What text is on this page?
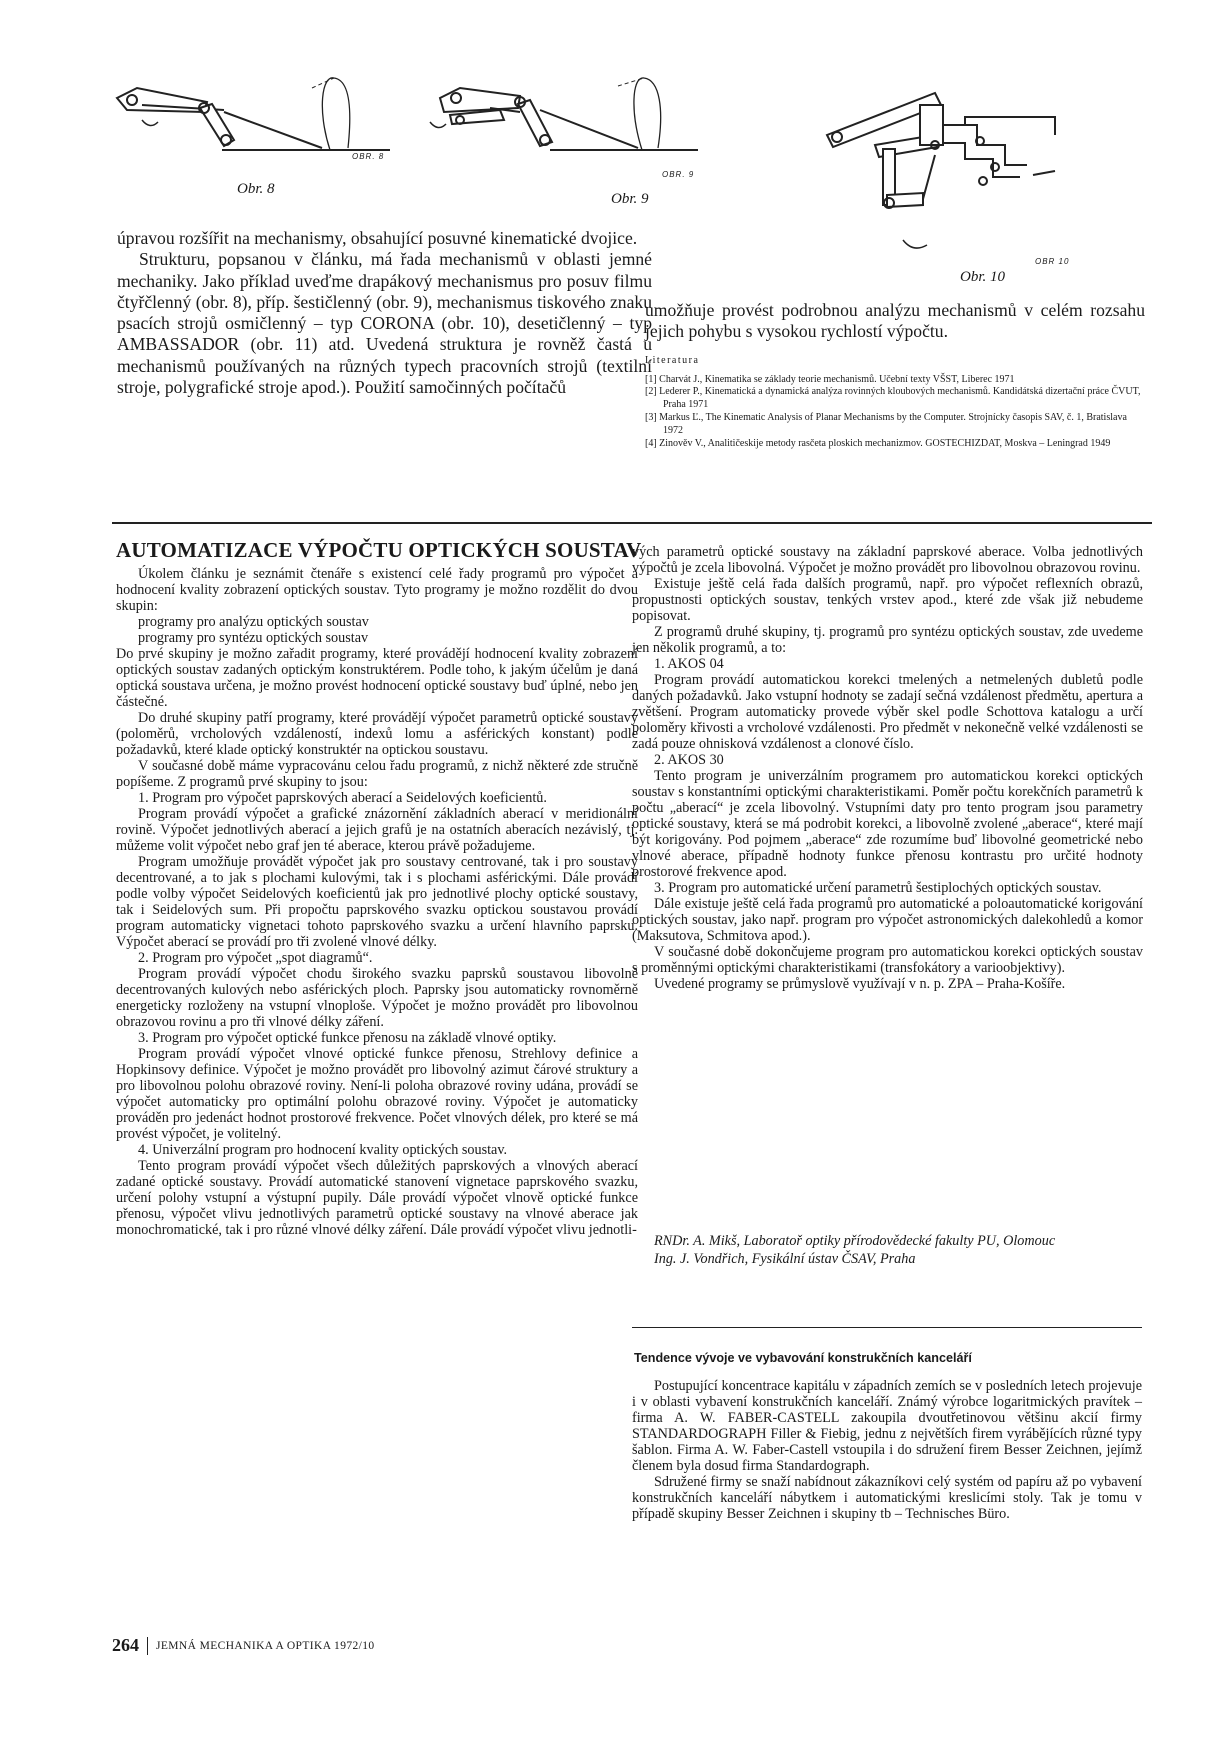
OBR. 8
Obr. 8
OBR. 9
Obr. 9
OBR 10
Obr. 10

úpravou rozšířit na mechanismy, obsahující posuvné kinematické dvojice.

Strukturu, popsanou v článku, má řada mechanismů v oblasti jemné mechaniky. Jako příklad uveďme drapákový mechanismus pro posuv filmu čtyřčlenný (obr. 8), příp. šestičlenný (obr. 9), mechanismus tiskového znaku psacích strojů osmičlenný – typ CORONA (obr. 10), desetičlenný – typ AMBASSADOR (obr. 11) atd. Uvedená struktura je rovněž častá u mechanismů používaných na různých typech pracovních strojů (textilní stroje, polygrafické stroje apod.). Použití samočinných počítačů

umožňuje provést podrobnou analýzu mechanismů v celém rozsahu jejich pohybu s vysokou rychlostí výpočtu.

Literatura

[1] Charvát J., Kinematika se základy teorie mechanismů. Učební texty VŠST, Liberec 1971

[2] Lederer P., Kinematická a dynamická analýza rovinných kloubových mechanismů. Kandidátská dizertační práce ČVUT, Praha 1971

[3] Markus Ľ., The Kinematic Analysis of Planar Mechanisms by the Computer. Strojnícky časopis SAV, č. 1, Bratislava 1972

[4] Zinověv V., Analitičeskije metody rasčeta ploskich mechanizmov. GOSTECHIZDAT, Moskva – Leningrad 1949

AUTOMATIZACE VÝPOČTU OPTICKÝCH SOUSTAV

Úkolem článku je seznámit čtenáře s existencí celé řady programů pro výpočet a hodnocení kvality zobrazení optických soustav. Tyto programy je možno rozdělit do dvou skupin:

programy pro analýzu optických soustav

programy pro syntézu optických soustav

Do prvé skupiny je možno zařadit programy, které provádějí hodnocení kvality zobrazení optických soustav zadaných optickým konstruktérem. Podle toho, k jakým účelům je daná optická soustava určena, je možno provést hodnocení optické soustavy buď úplné, nebo jen částečné.

Do druhé skupiny patří programy, které provádějí výpočet parametrů optické soustavy (poloměrů, vrcholových vzdáleností, indexů lomu a asférických konstant) podle požadavků, které klade optický konstruktér na optickou soustavu.

V současné době máme vypracovánu celou řadu programů, z nichž některé zde stručně popíšeme. Z programů prvé skupiny to jsou:

1. Program pro výpočet paprskových aberací a Seidelových koeficientů.

Program provádí výpočet a grafické znázornění základních aberací v meridionální rovině. Výpočet jednotlivých aberací a jejich grafů je na ostatních aberacích nezávislý, tj. můžeme volit výpočet nebo graf jen té aberace, kterou právě požadujeme.

Program umožňuje provádět výpočet jak pro soustavy centrované, tak i pro soustavy decentrované, a to jak s plochami kulovými, tak i s plochami asférickými. Dále provádí podle volby výpočet Seidelových koeficientů jak pro jednotlivé plochy optické soustavy, tak i Seidelových sum. Při propočtu paprskového svazku optickou soustavou provádí program automaticky vignetaci tohoto paprskového svazku a určení hlavního paprsku. Výpočet aberací se provádí pro tři zvolené vlnové délky.

2. Program pro výpočet „spot diagramů“.

Program provádí výpočet chodu širokého svazku paprsků soustavou libovolně decentrovaných kulových nebo asférických ploch. Paprsky jsou automaticky rovnoměrně energeticky rozloženy na vstupní vlnoploše. Výpočet je možno provádět pro libovolnou obrazovou rovinu a pro tři vlnové délky záření.

3. Program pro výpočet optické funkce přenosu na základě vlnové optiky.

Program provádí výpočet vlnové optické funkce přenosu, Strehlovy definice a Hopkinsovy definice. Výpočet je možno provádět pro libovolný azimut čárové struktury a pro libovolnou polohu obrazové roviny. Není-li poloha obrazové roviny udána, provádí se výpočet automaticky pro optimální polohu obrazové roviny. Výpočet je automaticky prováděn pro jedenáct hodnot prostorové frekvence. Počet vlnových délek, pro které se má provést výpočet, je volitelný.

4. Univerzální program pro hodnocení kvality optických soustav.

Tento program provádí výpočet všech důležitých paprskových a vlnových aberací zadané optické soustavy. Provádí automatické stanovení vignetace paprskového svazku, určení polohy vstupní a výstupní pupily. Dále provádí výpočet vlnově optické funkce přenosu, výpočet vlivu jednotlivých parametrů optické soustavy na vlnové aberace jak monochromatické, tak i pro různé vlnové délky záření. Dále provádí výpočet vlivu jednotli-

vých parametrů optické soustavy na základní paprskové aberace. Volba jednotlivých výpočtů je zcela libovolná. Výpočet je možno provádět pro libovolnou obrazovou rovinu.

Existuje ještě celá řada dalších programů, např. pro výpočet reflexních obrazů, propustnosti optických soustav, tenkých vrstev apod., které zde však již nebudeme popisovat.

Z programů druhé skupiny, tj. programů pro syntézu optických soustav, zde uvedeme jen několik programů, a to:

1. AKOS 04

Program provádí automatickou korekci tmelených a netmelených dubletů podle daných požadavků. Jako vstupní hodnoty se zadají sečná vzdálenost předmětu, apertura a zvětšení. Program automaticky provede výběr skel podle Schottova katalogu a určí poloměry křivosti a vrcholové vzdálenosti. Pro předmět v nekonečně velké vzdálenosti se zadá pouze ohnisková vzdálenost a clonové číslo.

2. AKOS 30

Tento program je univerzálním programem pro automatickou korekci optických soustav s konstantními optickými charakteristikami. Poměr počtu korekčních parametrů k počtu „aberací“ je zcela libovolný. Vstupními daty pro tento program jsou parametry optické soustavy, která se má podrobit korekci, a libovolně zvolené „aberace“, které mají být korigovány. Pod pojmem „aberace“ zde rozumíme buď libovolné geometrické nebo vlnové aberace, případně hodnoty funkce přenosu kontrastu pro určité hodnoty prostorové frekvence apod.

3. Program pro automatické určení parametrů šestiplochých optických soustav.

Dále existuje ještě celá řada programů pro automatické a poloautomatické korigování optických soustav, jako např. program pro výpočet astronomických dalekohledů a komor (Maksutova, Schmitova apod.).

V současné době dokončujeme program pro automatickou korekci optických soustav s proměnnými optickými charakteristikami (transfokátory a varioobjektivy).

Uvedené programy se průmyslově využívají v n. p. ZPA – Praha-Košíře.

RNDr. A. Mikš, Laboratoř optiky přírodovědecké fakulty PU, Olomouc

Ing. J. Vondřich, Fysikální ústav ČSAV, Praha

Tendence vývoje ve vybavování konstrukčních kanceláří

Postupující koncentrace kapitálu v západních zemích se v posledních letech projevuje i v oblasti vybavení konstrukčních kanceláří. Známý výrobce logaritmických pravítek – firma A. W. FABER-CASTELL zakoupila dvoutřetinovou většinu akcií firmy STANDARDOGRAPH Filler & Fiebig, jednu z největších firem vyrábějících různé typy šablon. Firma A. W. Faber-Castell vstoupila i do sdružení firem Besser Zeichnen, jejímž členem byla dosud firma Standardograph.

Sdružené firmy se snaží nabídnout zákazníkovi celý systém od papíru až po vybavení konstrukčních kanceláří nábytkem i automatickými kreslicími stoly. Tak je tomu v případě skupiny Besser Zeichnen i skupiny tb – Technisches Büro.

264 JEMNÁ MECHANIKA A OPTIKA 1972/10
